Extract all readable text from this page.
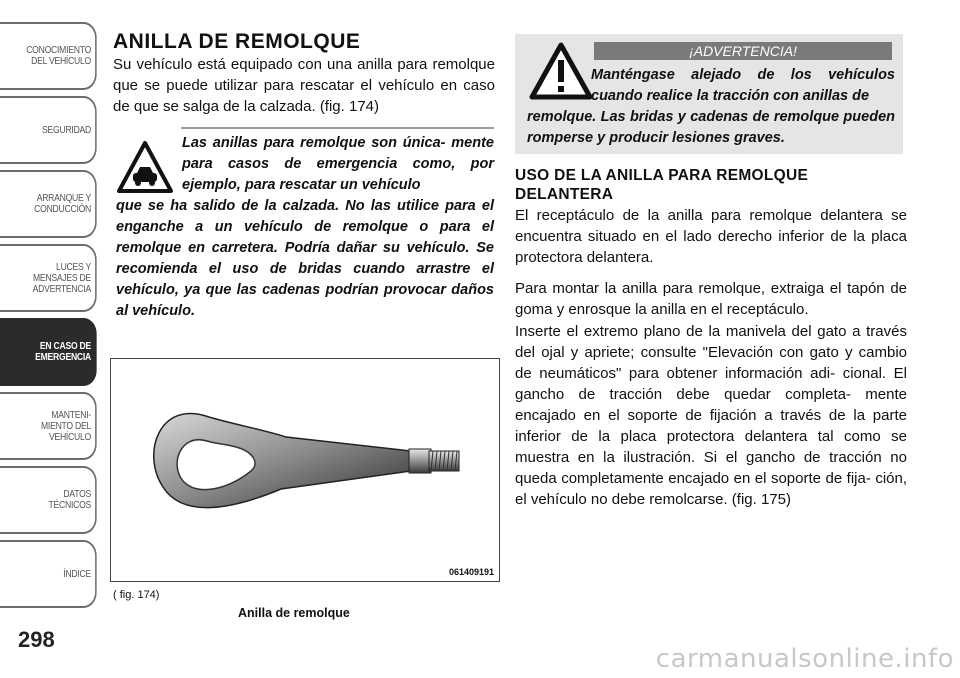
CONOCIMIENTO
DEL VEHÍCULO
SEGURIDAD
ARRANQUE Y
CONDUCCIÓN
LUCES Y
MENSAJES DE
ADVERTENCIA
EN CASO DE
EMERGENCIA
MANTENI-
MIENTO DEL
VEHÍCULO
DATOS
TÉCNICOS
ÍNDICE
298
ANILLA DE REMOLQUE
Su vehículo está equipado con una anilla para remolque que se puede utilizar para rescatar el vehículo en caso de que se salga de la calzada. (fig. 174)
Las anillas para remolque son única- mente para casos de emergencia como, por ejemplo, para rescatar un vehículo
que se ha salido de la calzada. No las utilice para el enganche a un vehículo de remolque o para el remolque en carretera. Podría dañar su vehículo. Se recomienda el uso de bridas cuando arrastre el vehículo, ya que las cadenas podrían provocar daños al vehículo.
061409191
( fig. 174)
Anilla de remolque
¡ADVERTENCIA!
Manténgase alejado de los vehículos cuando realice la tracción con anillas de
remolque. Las bridas y cadenas de remolque pueden romperse y producir lesiones graves.
USO DE LA ANILLA PARA REMOLQUE DELANTERA
El receptáculo de la anilla para remolque delantera se encuentra situado en el lado derecho inferior de la placa protectora delantera.
Para montar la anilla para remolque, extraiga el tapón de goma y enrosque la anilla en el receptáculo.
Inserte el extremo plano de la manivela del gato a través del ojal y apriete; consulte "Elevación con gato y cambio de neumáticos" para obtener información adi- cional. El gancho de tracción debe quedar completa- mente encajado en el soporte de fijación a través de la parte inferior de la placa protectora delantera tal como se muestra en la ilustración. Si el gancho de tracción no queda completamente encajado en el soporte de fija- ción, el vehículo no debe remolcarse. (fig. 175)
carmanualsonline.info
